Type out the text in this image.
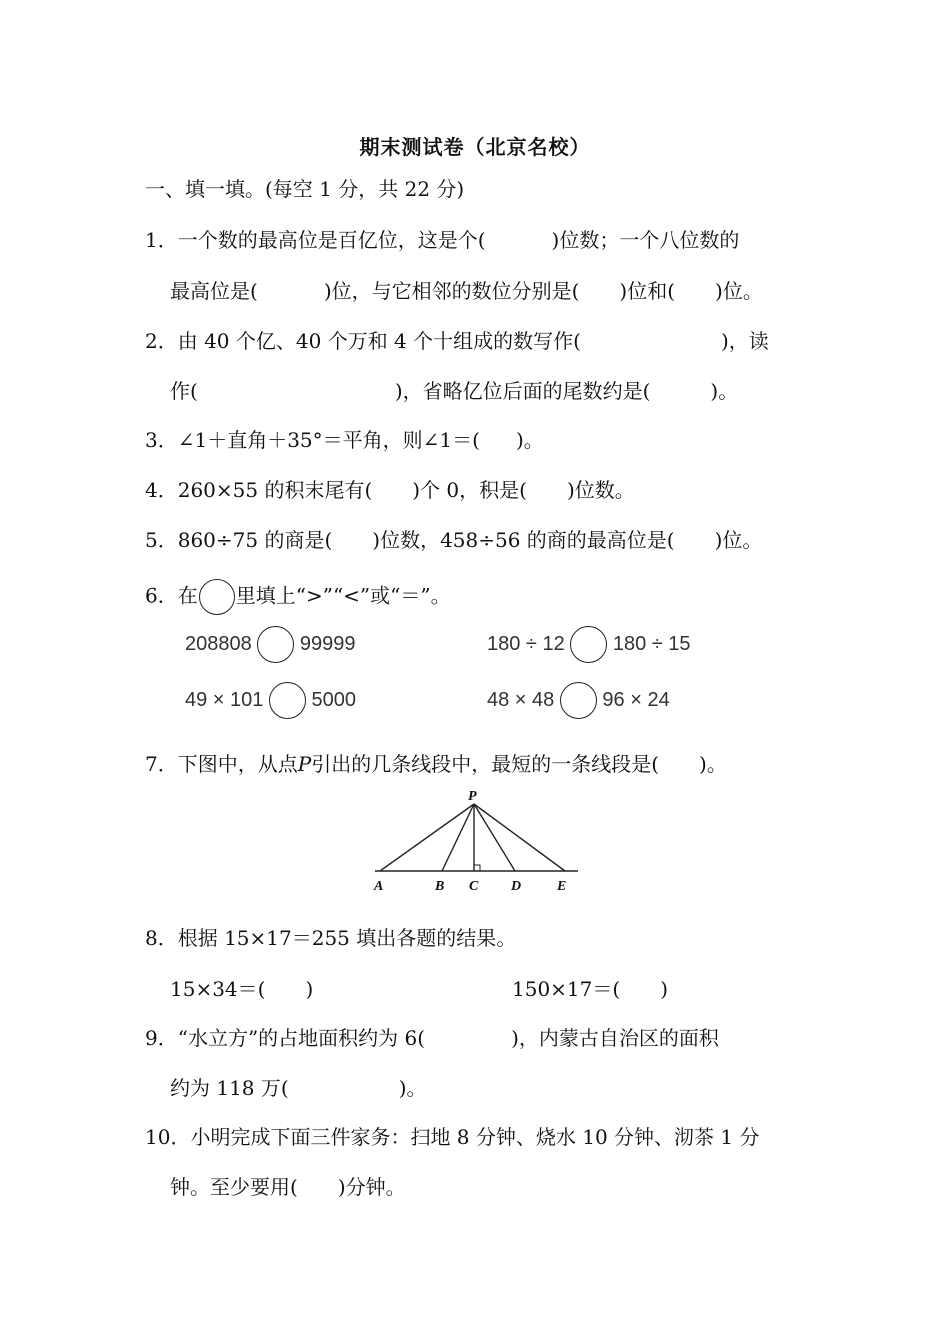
期末测试卷（北京名校）
一、填一填。(每空 1 分，共 22 分)
1．一个数的最高位是百亿位，这是个(	)位数；一个八位数的
最高位是(	)位，与它相邻的数位分别是( )位和( )位。
2．由 40 个亿、40 个万和 4 个十组成的数写作(	)，读
作(	)，省略亿位后面的尾数约是(	)。
3．∠1＋直角＋35°＝平角，则∠1＝( )。
4．260×55 的积末尾有( )个 0，积是( )位数。
5．860÷75 的商是( )位数，458÷56 的商的最高位是( )位。
6．在 里填上“>”“<”或“＝”。
208808 99999	180 ÷ 12 180 ÷ 15
49 × 101 5000	48 × 48 96 × 24
7．下图中，从点P引出的几条线段中，最短的一条线段是( )。
P
A	B C D	E
8．根据 15×17＝255 填出各题的结果。
15×34＝( )	150×17＝( )
9．“水立方”的占地面积约为 6(	)，内蒙古自治区的面积
约为 118 万(	)。
10．小明完成下面三件家务：扫地 8 分钟、烧水 10 分钟、沏茶 1 分
钟。至少要用( )分钟。
